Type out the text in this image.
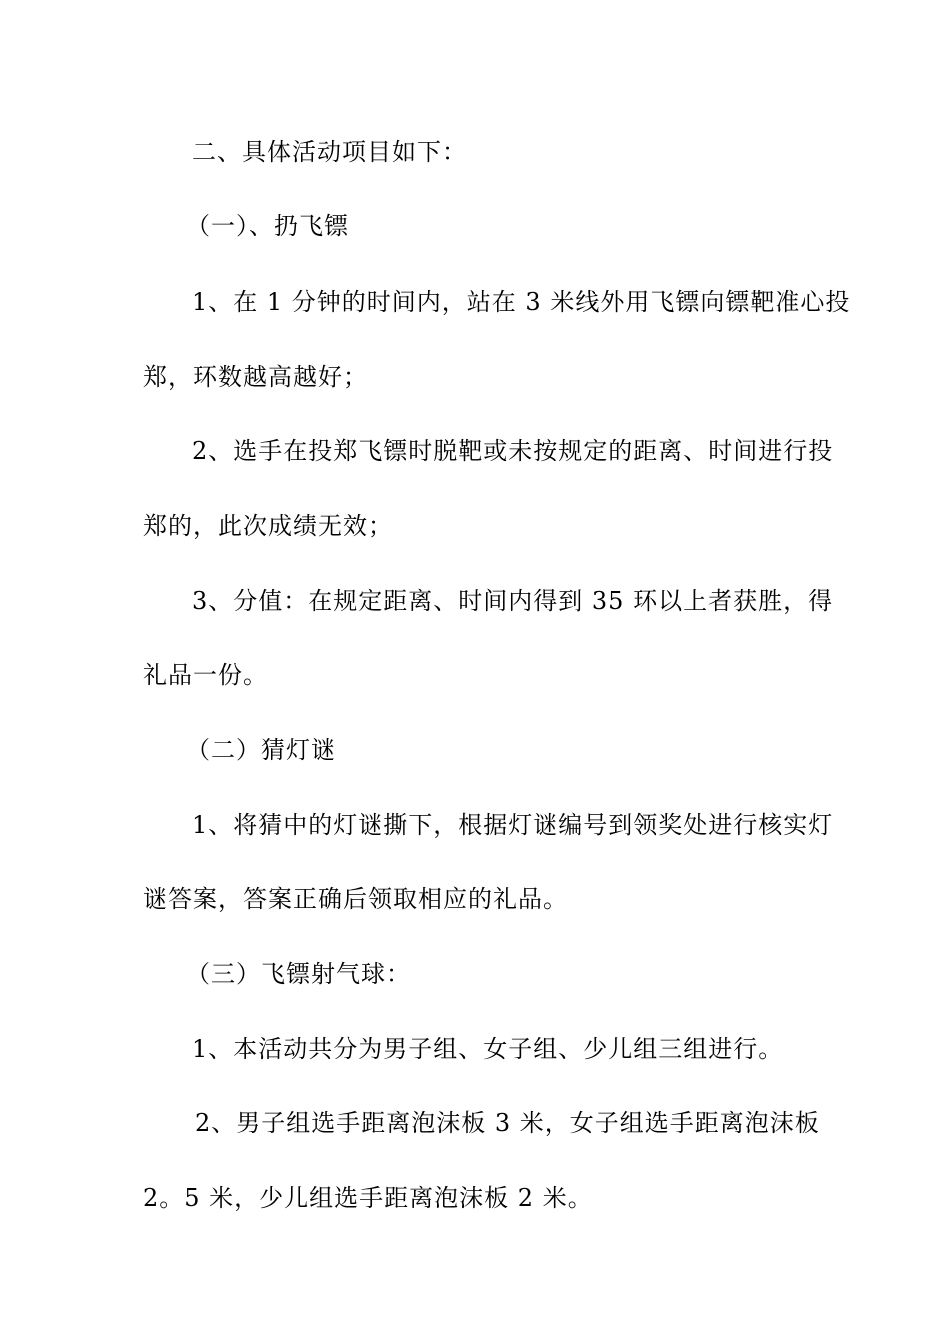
二、具体活动项目如下：
（一）、扔飞镖
1、在 1 分钟的时间内，站在 3 米线外用飞镖向镖靶准心投
郑，环数越高越好；
2、选手在投郑飞镖时脱靶或未按规定的距离、时间进行投
郑的，此次成绩无效；
3、分值：在规定距离、时间内得到 35 环以上者获胜，得
礼品一份。
（二）猜灯谜
1、将猜中的灯谜撕下，根据灯谜编号到领奖处进行核实灯
谜答案，答案正确后领取相应的礼品。
（三）飞镖射气球：
1、本活动共分为男子组、女子组、少儿组三组进行。
2、男子组选手距离泡沫板 3 米，女子组选手距离泡沫板
2。5 米，少儿组选手距离泡沫板 2 米。
